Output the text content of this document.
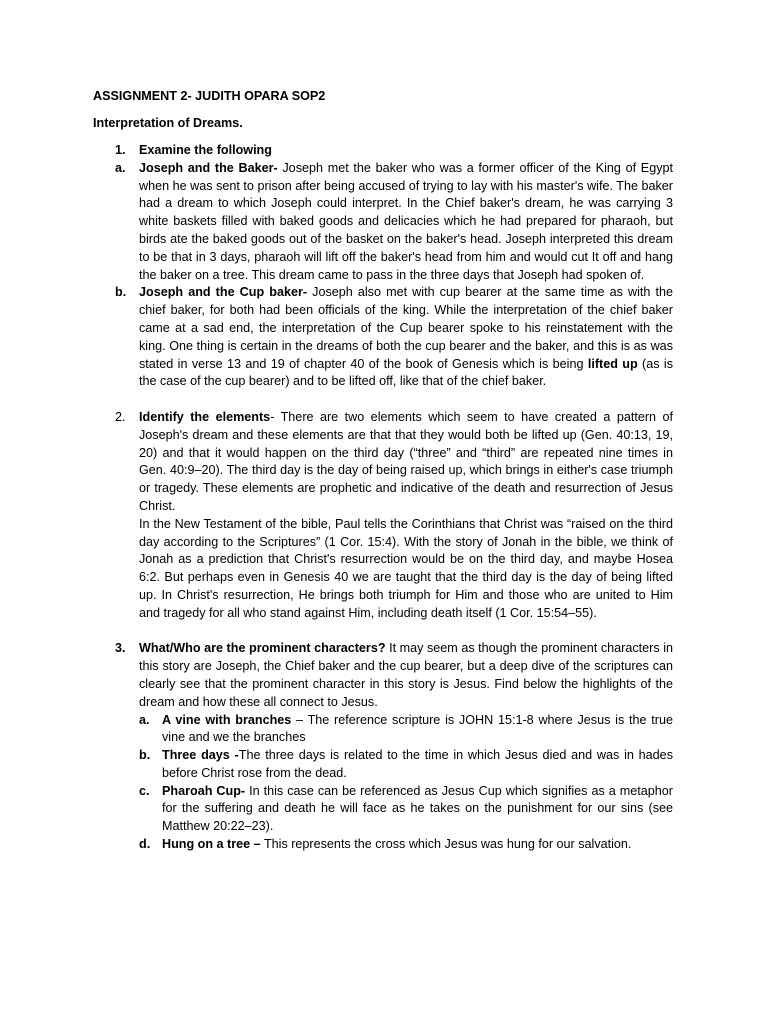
ASSIGNMENT 2- JUDITH OPARA SOP2

Interpretation of Dreams.

1. Examine the following

a. Joseph and the Baker- Joseph met the baker who was a former officer of the King of Egypt when he was sent to prison after being accused of trying to lay with his master's wife. The baker had a dream to which Joseph could interpret. In the Chief baker's dream, he was carrying 3 white baskets filled with baked goods and delicacies which he had prepared for pharaoh, but birds ate the baked goods out of the basket on the baker's head. Joseph interpreted this dream to be that in 3 days, pharaoh will lift off the baker's head from him and would cut It off and hang the baker on a tree. This dream came to pass in the three days that Joseph had spoken of.

b. Joseph and the Cup baker- Joseph also met with cup bearer at the same time as with the chief baker, for both had been officials of the king. While the interpretation of the chief baker came at a sad end, the interpretation of the Cup bearer spoke to his reinstatement with the king. One thing is certain in the dreams of both the cup bearer and the baker, and this is as was stated in verse 13 and 19 of chapter 40 of the book of Genesis which is being lifted up (as is the case of the cup bearer) and to be lifted off, like that of the chief baker.

2. Identify the elements- There are two elements which seem to have created a pattern of Joseph's dream and these elements are that that they would both be lifted up (Gen. 40:13, 19, 20) and that it would happen on the third day (“three” and “third” are repeated nine times in Gen. 40:9–20). The third day is the day of being raised up, which brings in either's case triumph or tragedy. These elements are prophetic and indicative of the death and resurrection of Jesus Christ.

In the New Testament of the bible, Paul tells the Corinthians that Christ was “raised on the third day according to the Scriptures” (1 Cor. 15:4). With the story of Jonah in the bible, we think of Jonah as a prediction that Christ's resurrection would be on the third day, and maybe Hosea 6:2. But perhaps even in Genesis 40 we are taught that the third day is the day of being lifted up. In Christ's resurrection, He brings both triumph for Him and those who are united to Him and tragedy for all who stand against Him, including death itself (1 Cor. 15:54–55).

3. What/Who are the prominent characters? It may seem as though the prominent characters in this story are Joseph, the Chief baker and the cup bearer, but a deep dive of the scriptures can clearly see that the prominent character in this story is Jesus. Find below the highlights of the dream and how these all connect to Jesus.

a. A vine with branches – The reference scripture is JOHN 15:1-8 where Jesus is the true vine and we the branches

b. Three days -The three days is related to the time in which Jesus died and was in hades before Christ rose from the dead.

c. Pharoah Cup- In this case can be referenced as Jesus Cup which signifies as a metaphor for the suffering and death he will face as he takes on the punishment for our sins (see Matthew 20:22–23).

d. Hung on a tree – This represents the cross which Jesus was hung for our salvation.
